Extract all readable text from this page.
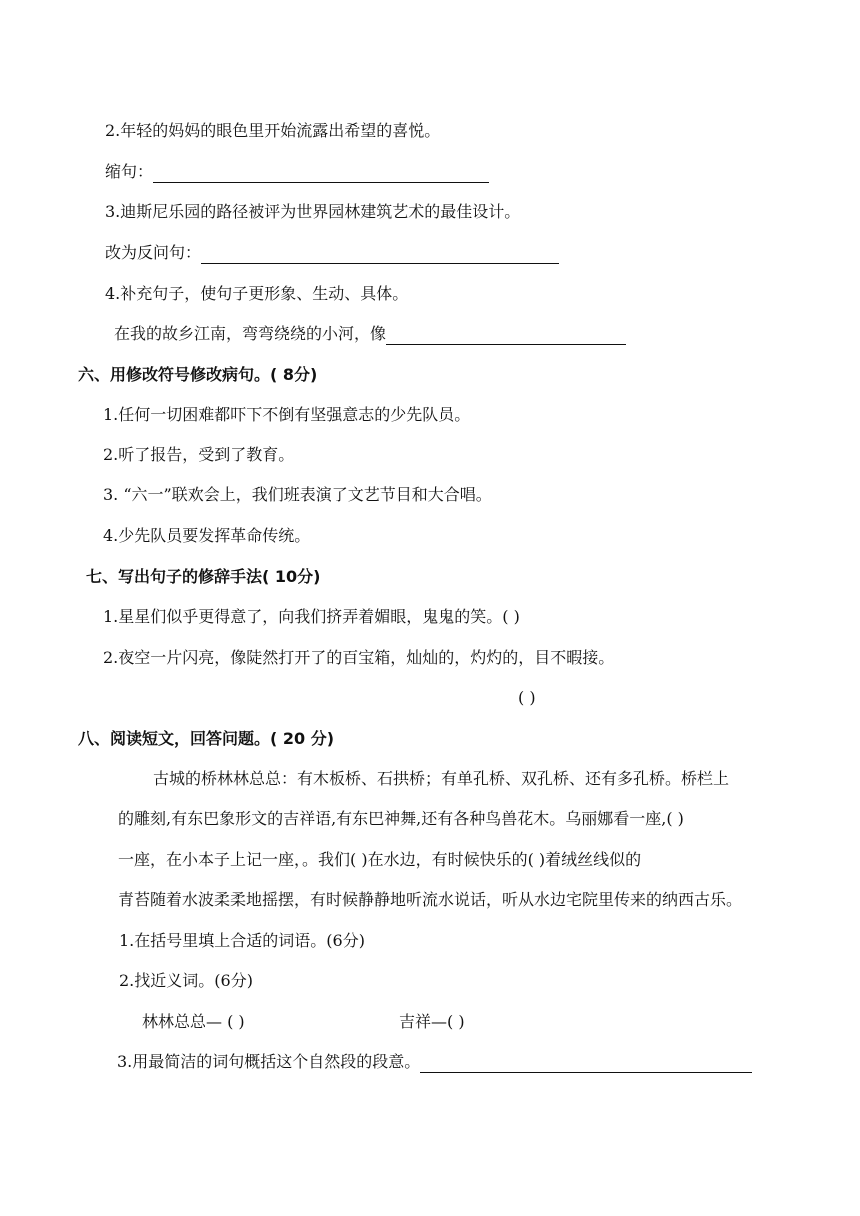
2.年轻的妈妈的眼色里开始流露出希望的喜悦。
缩句：
3.迪斯尼乐园的路径被评为世界园林建筑艺术的最佳设计。
改为反问句：
4.补充句子，使句子更形象、生动、具体。
在我的故乡江南，弯弯绕绕的小河，像
六、用修改符号修改病句。( 8分)
1.任何一切困难都吓下不倒有坚强意志的少先队员。
2.听了报告，受到了教育。
3. “六一”联欢会上，我们班表演了文艺节目和大合唱。
4.少先队员要发挥革命传统。
七、写出句子的修辞手法( 10分)
1.星星们似乎更得意了，向我们挤弄着媚眼，鬼鬼的笑。( )
2.夜空一片闪亮，像陡然打开了的百宝箱，灿灿的，灼灼的，目不暇接。
( )
八、阅读短文，回答问题。( 20 分)
古城的桥林林总总：有木板桥、石拱桥；有单孔桥、双孔桥、还有多孔桥。桥栏上
的雕刻,有东巴象形文的吉祥语,有东巴神舞,还有各种鸟兽花木。乌丽娜看一座,( )
一座，在小本子上记一座，。我们( )在水边，有时候快乐的( )着绒丝线似的
青苔随着水波柔柔地摇摆，有时候静静地听流水说话，听从水边宅院里传来的纳西古乐。
1.在括号里填上合适的词语。(6分)
2.找近义词。(6分)
林林总总— ( )	吉祥—( )
3.用最简洁的词句概括这个自然段的段意。
